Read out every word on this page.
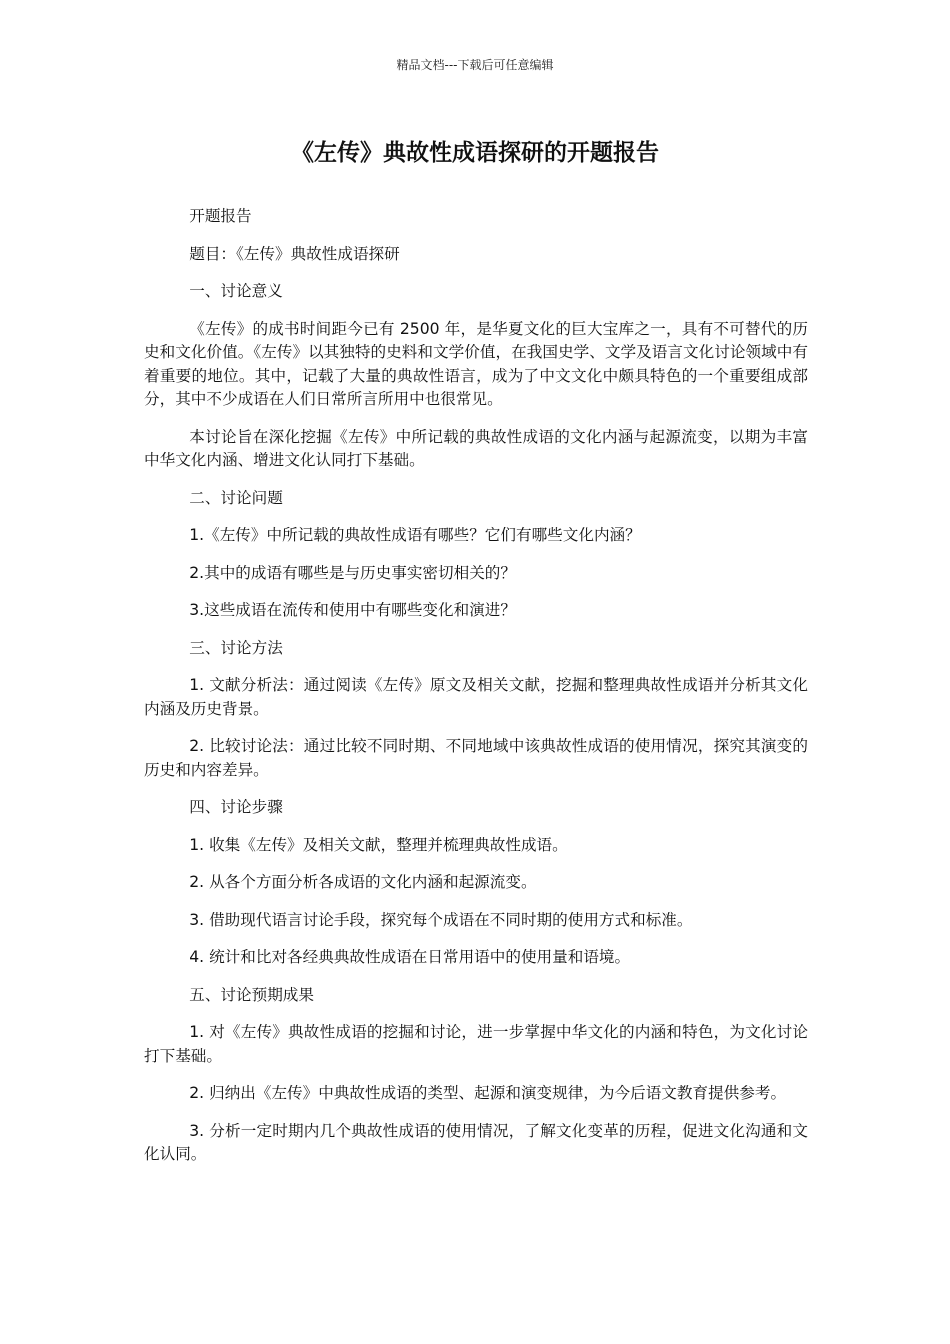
精品文档---下载后可任意编辑
《左传》典故性成语探研的开题报告

开题报告

题目：《左传》典故性成语探研

一、讨论意义

《左传》的成书时间距今已有 2500 年，是华夏文化的巨大宝库之一，具有不可替代的历史和文化价值。《左传》以其独特的史料和文学价值，在我国史学、文学及语言文化讨论领域中有着重要的地位。其中，记载了大量的典故性语言，成为了中文文化中颇具特色的一个重要组成部分，其中不少成语在人们日常所言所用中也很常见。

本讨论旨在深化挖掘《左传》中所记载的典故性成语的文化内涵与起源流变，以期为丰富中华文化内涵、增进文化认同打下基础。

二、讨论问题

1.《左传》中所记载的典故性成语有哪些？它们有哪些文化内涵？

2.其中的成语有哪些是与历史事实密切相关的？

3.这些成语在流传和使用中有哪些变化和演进？

三、讨论方法

1. 文献分析法：通过阅读《左传》原文及相关文献，挖掘和整理典故性成语并分析其文化内涵及历史背景。

2. 比较讨论法：通过比较不同时期、不同地域中该典故性成语的使用情况，探究其演变的历史和内容差异。

四、讨论步骤

1. 收集《左传》及相关文献，整理并梳理典故性成语。

2. 从各个方面分析各成语的文化内涵和起源流变。

3. 借助现代语言讨论手段，探究每个成语在不同时期的使用方式和标准。

4. 统计和比对各经典典故性成语在日常用语中的使用量和语境。

五、讨论预期成果

1. 对《左传》典故性成语的挖掘和讨论，进一步掌握中华文化的内涵和特色，为文化讨论打下基础。

2. 归纳出《左传》中典故性成语的类型、起源和演变规律，为今后语文教育提供参考。

3. 分析一定时期内几个典故性成语的使用情况，了解文化变革的历程，促进文化沟通和文化认同。
